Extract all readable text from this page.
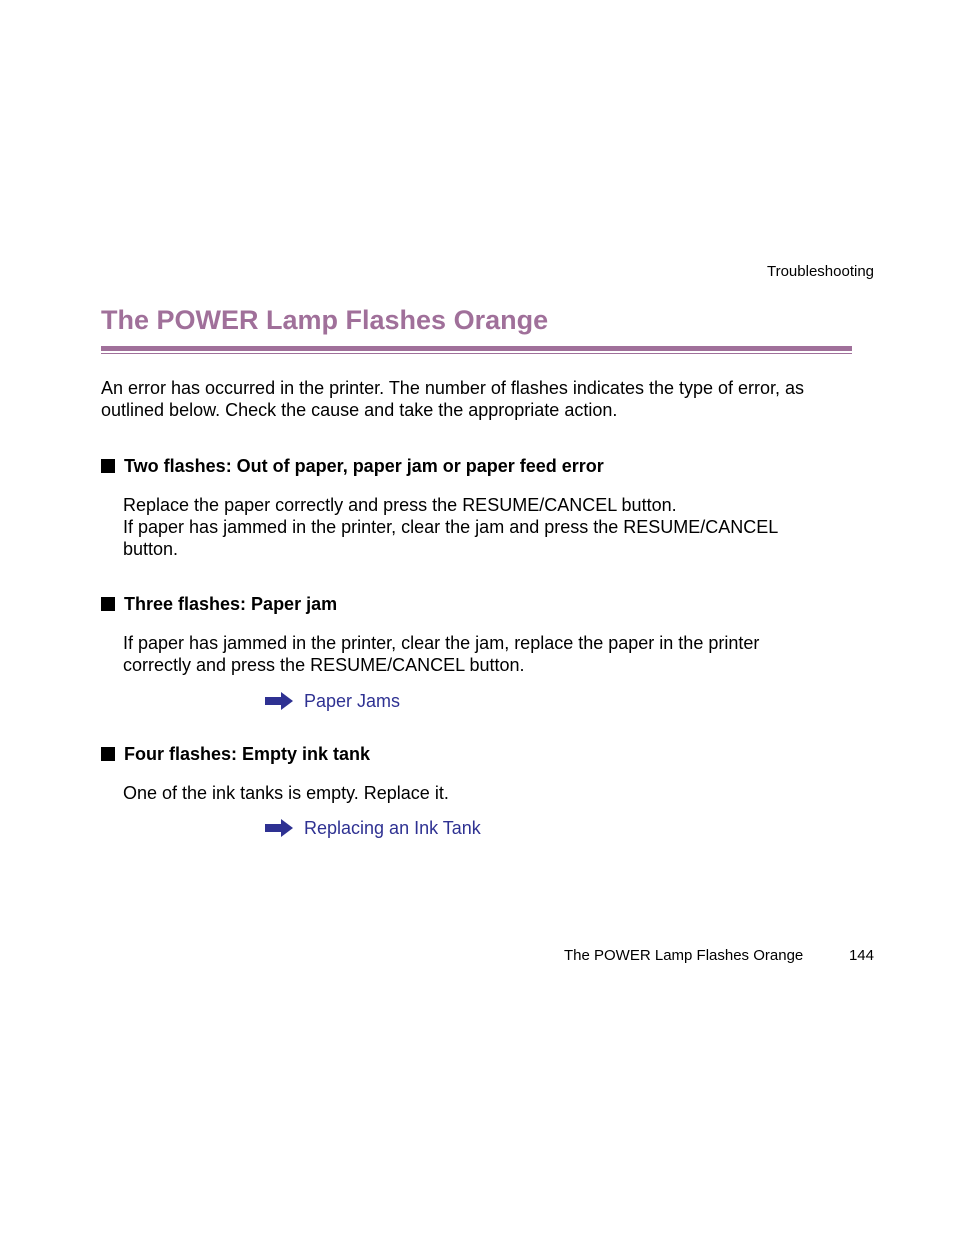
Troubleshooting
The POWER Lamp Flashes Orange
An error has occurred in the printer. The number of flashes indicates the type of error, as
outlined below. Check the cause and take the appropriate action.
Two flashes: Out of paper, paper jam or paper feed error
Replace the paper correctly and press the RESUME/CANCEL button.
If paper has jammed in the printer, clear the jam and press the RESUME/CANCEL
button.
Three flashes: Paper jam
If paper has jammed in the printer, clear the jam, replace the paper in the printer
correctly and press the RESUME/CANCEL button.
Paper Jams
Four flashes: Empty ink tank
One of the ink tanks is empty. Replace it.
Replacing an Ink Tank
The POWER Lamp Flashes Orange	144
